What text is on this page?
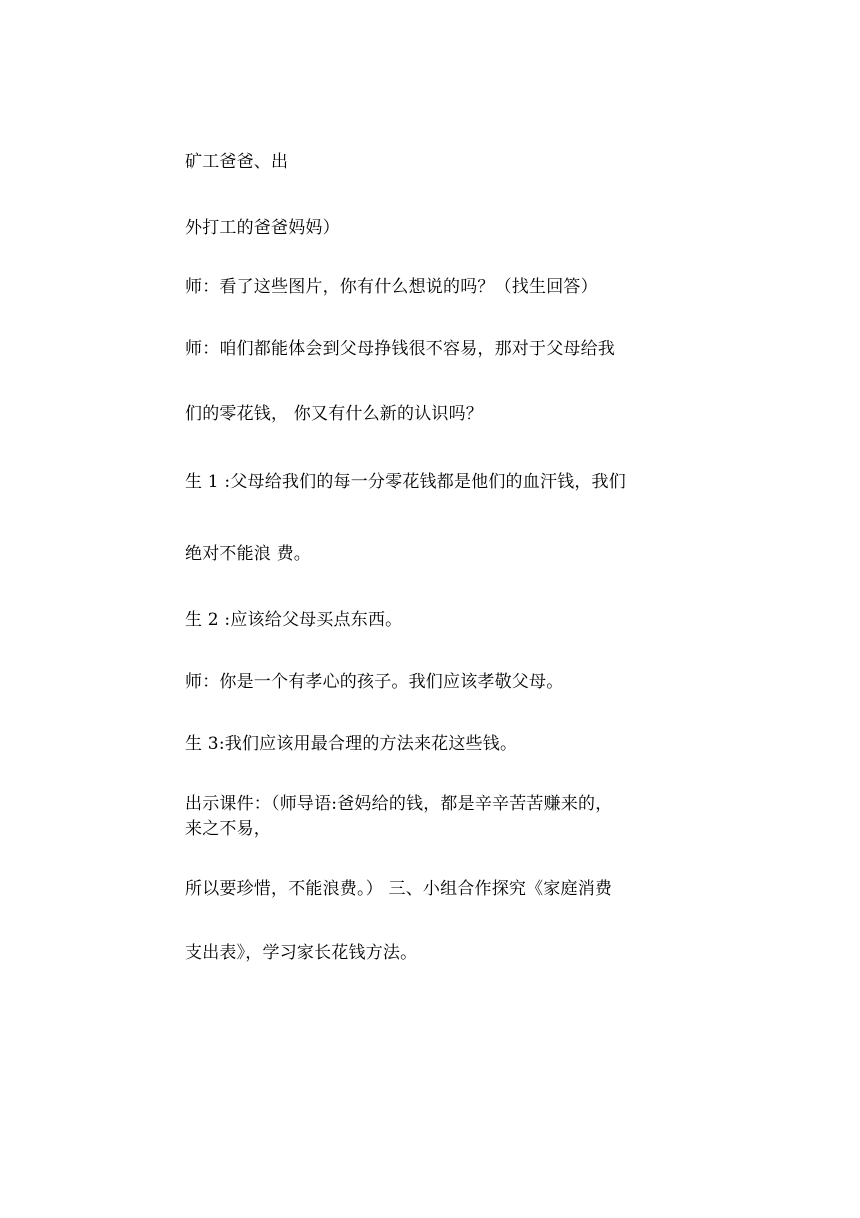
矿工爸爸、出
外打工的爸爸妈妈）
师：看了这些图片，你有什么想说的吗？（找生回答）
师：咱们都能体会到父母挣钱很不容易，那对于父母给我
们的零花钱， 你又有什么新的认识吗？
生 1 :父母给我们的每一分零花钱都是他们的血汗钱，我们
绝对不能浪 费。
生 2 :应该给父母买点东西。
师：你是一个有孝心的孩子。我们应该孝敬父母。
生 3:我们应该用最合理的方法来花这些钱。
出示课件：（师导语:爸妈给的钱，都是辛辛苦苦赚来的，
来之不易，
所以要珍惜，不能浪费。） 三、小组合作探究《家庭消费
支出表》，学习家长花钱方法。
